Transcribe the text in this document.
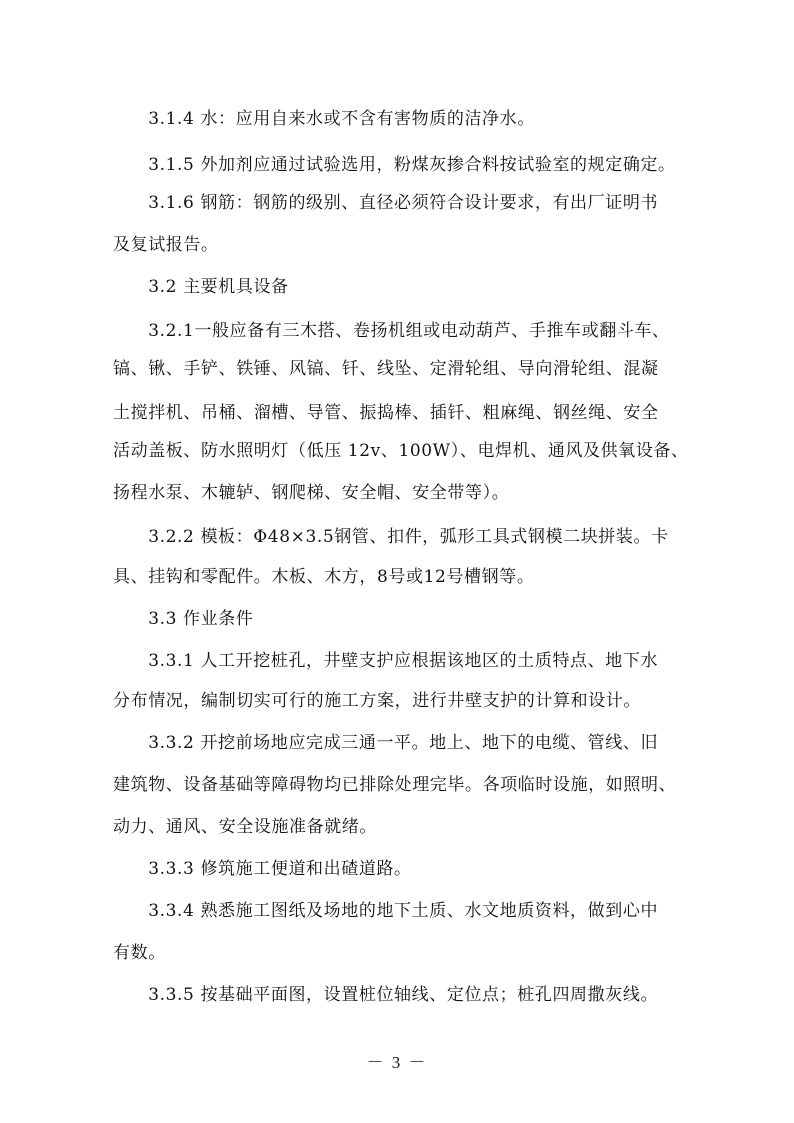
　　3.1.4 水：应用自来水或不含有害物质的洁净水。
　　3.1.5 外加剂应通过试验选用，粉煤灰掺合料按试验室的规定确定。
　　3.1.6 钢筋：钢筋的级别、直径必须符合设计要求，有出厂证明书
及复试报告。
　　3.2 主要机具设备
　　3.2.1一般应备有三木搭、卷扬机组或电动葫芦、手推车或翻斗车、
镐、锹、手铲、铁锤、风镐、钎、线坠、定滑轮组、导向滑轮组、混凝
土搅拌机、吊桶、溜槽、导管、振捣棒、插钎、粗麻绳、钢丝绳、安全
活动盖板、防水照明灯（低压 12v、100W）、电焊机、通风及供氧设备、
扬程水泵、木辘轳、钢爬梯、安全帽、安全带等）。
　　3.2.2 模板：Φ48×3.5钢管、扣件，弧形工具式钢模二块拼装。卡
具、挂钩和零配件。木板、木方，8号或12号槽钢等。
　　3.3 作业条件
　　3.3.1 人工开挖桩孔，井壁支护应根据该地区的土质特点、地下水
分布情况，编制切实可行的施工方案，进行井壁支护的计算和设计。
　　3.3.2 开挖前场地应完成三通一平。地上、地下的电缆、管线、旧
建筑物、设备基础等障碍物均已排除处理完毕。各项临时设施，如照明、
动力、通风、安全设施准备就绪。
　　3.3.3 修筑施工便道和出碴道路。
　　3.3.4 熟悉施工图纸及场地的地下土质、水文地质资料，做到心中
有数。
　　3.3.5 按基础平面图，设置桩位轴线、定位点；桩孔四周撒灰线。
－ 3 －
